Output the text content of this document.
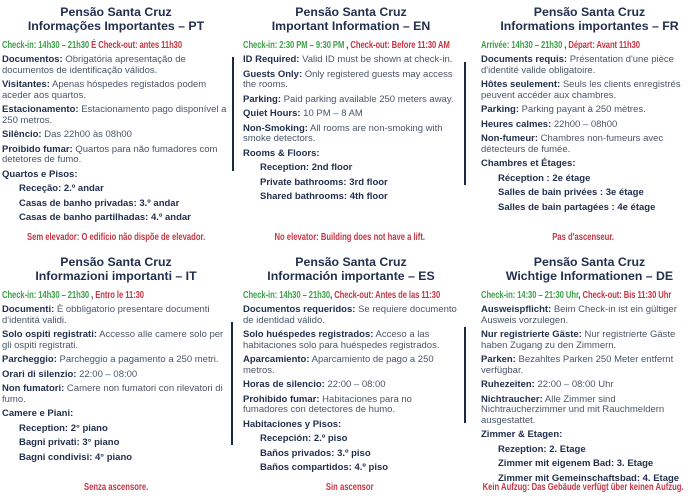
Pensão Santa Cruz
Informações Importantes – PT

Check-in: 14h30 – 21h30 É Check-out: antes 11h30

Documentos: Obrigatória apresentação de documentos de identificação válidos.

Visitantes: Apenas hóspedes registados podem aceder aos quartos.

Estacionamento: Estacionamento pago disponível a 250 metros.

Silêncio: Das 22h00 às 08h00

Proibido fumar: Quartos para não fumadores com detetores de fumo.

Quartos e Pisos:

Receção: 2.º andar

Casas de banho privadas: 3.º andar

Casas de banho partilhadas: 4.º andar

Sem elevador: O edifício não dispõe de elevador.

Pensão Santa Cruz
Important Information – EN

Check-in: 2:30 PM – 9:30 PM , Check-out: Before 11:30 AM

ID Required: Valid ID must be shown at check-in.

Guests Only: Only registered guests may access the rooms.

Parking: Paid parking available 250 meters away.

Quiet Hours: 10 PM – 8 AM

Non-Smoking: All rooms are non-smoking with smoke detectors.

Rooms & Floors:

Reception: 2nd floor

Private bathrooms: 3rd floor

Shared bathrooms: 4th floor

No elevator: Building does not have a lift.

Pensão Santa Cruz
Informations importantes – FR

Arrivée: 14h30 – 21h30 , Départ: Avant 11h30

Documents requis: Présentation d'une pièce d'identité valide obligatoire.

Hôtes seulement: Seuls les clients enregistrés peuvent accéder aux chambres.

Parking: Parking payant à 250 mètres.

Heures calmes: 22h00 – 08h00

Non-fumeur: Chambres non-fumeurs avec détecteurs de fumée.

Chambres et Étages:

Réception : 2e étage

Salles de bain privées : 3e étage

Salles de bain partagées : 4e étage

Pas d'ascenseur.

Pensão Santa Cruz
Informazioni importanti – IT

Check-in: 14h30 – 21h30 , Entro le 11:30

Documenti: È obbligatorio presentare documenti d'identità validi.

Solo ospiti registrati: Accesso alle camere solo per gli ospiti registrati.

Parcheggio: Parcheggio a pagamento a 250 metri.

Orari di silenzio: 22:00 – 08:00

Non fumatori: Camere non fumatori con rilevatori di fumo.

Camere e Piani:

Reception: 2° piano

Bagni privati: 3° piano

Bagni condivisi: 4° piano

Senza ascensore.

Pensão Santa Cruz
Información importante – ES

Check-in: 14h30 – 21h30, Check-out: Antes de las 11:30

Documentos requeridos: Se requiere documento de identidad válido.

Solo huéspedes registrados: Acceso a las habitaciones solo para huéspedes registrados.

Aparcamiento: Aparcamiento de pago a 250 metros.

Horas de silencio: 22:00 – 08:00

Prohibido fumar: Habitaciones para no fumadores con detectores de humo.

Habitaciones y Pisos:

Recepción: 2.º piso

Baños privados: 3.º piso

Baños compartidos: 4.º piso

Sin ascensor

Pensão Santa Cruz
Wichtige Informationen – DE

Check-in: 14:30 – 21:30 Uhr, Check-out: Bis 11:30 Uhr

Ausweispflicht: Beim Check-in ist ein gültiger Ausweis vorzulegen.

Nur registrierte Gäste: Nur registrierte Gäste haben Zugang zu den Zimmern.

Parken: Bezahltes Parken 250 Meter entfernt verfügbar.

Ruhezeiten: 22:00 – 08:00 Uhr

Nichtraucher: Alle Zimmer sind Nichtraucherzimmer und mit Rauchmeldern ausgestattet.

Zimmer & Etagen:

Rezeption: 2. Etage

Zimmer mit eigenem Bad: 3. Etage

Zimmer mit Gemeinschaftsbad: 4. Etage

Kein Aufzug: Das Gebäude verfügt über keinen Aufzug.
